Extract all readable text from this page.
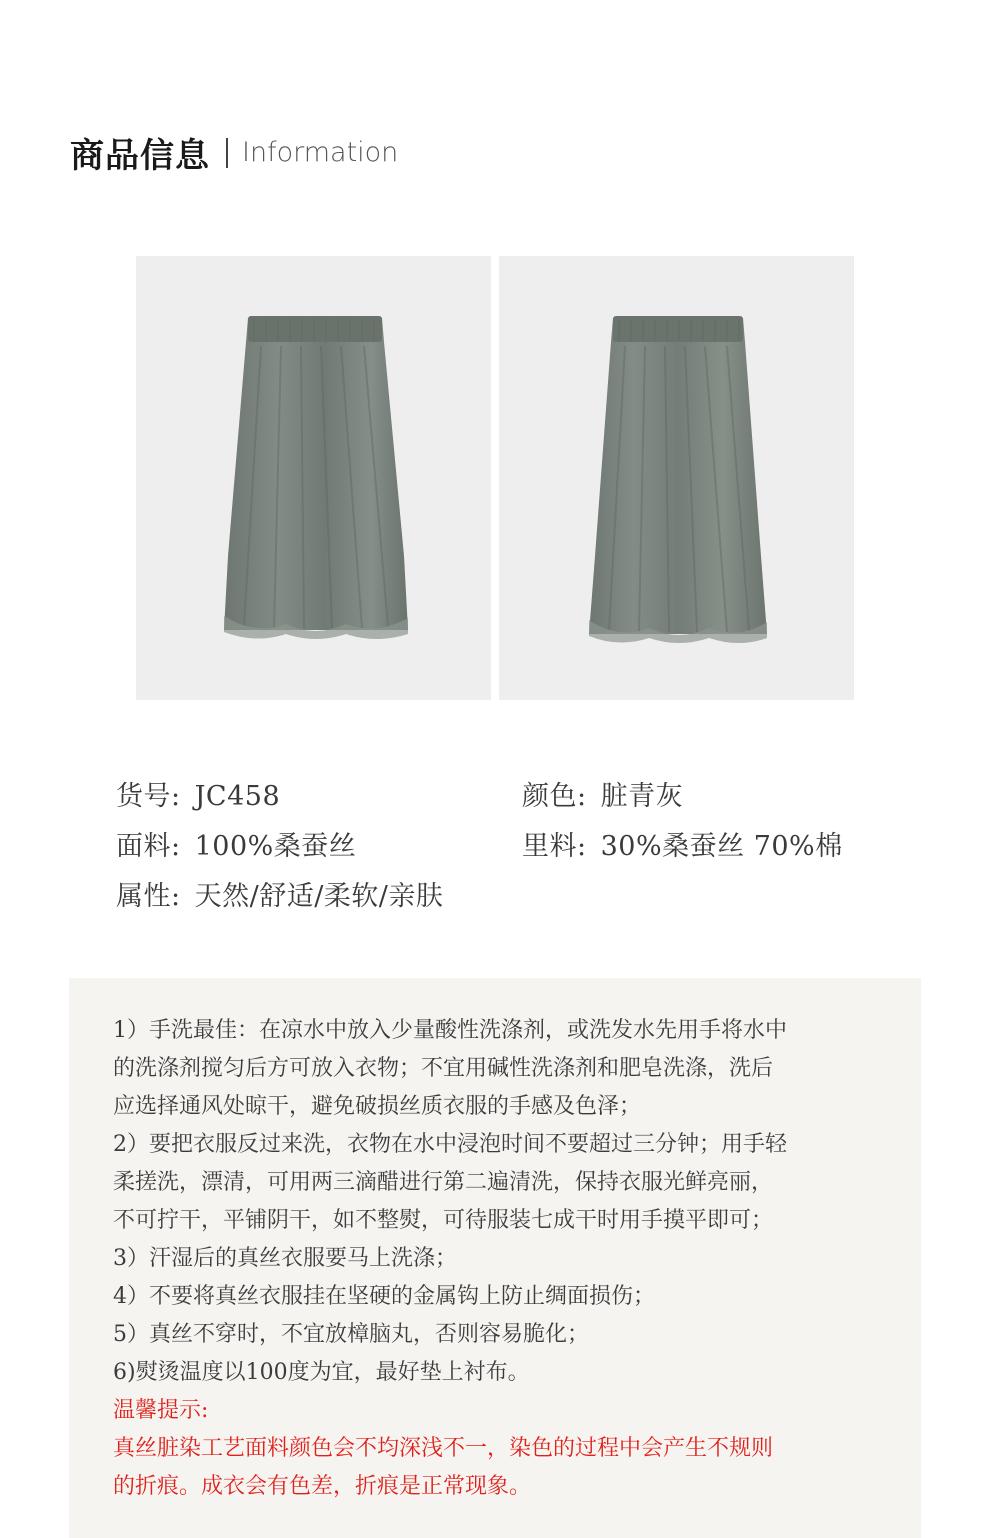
商品信息 Information
货号: JC458	颜色: 脏青灰
面料: 100%桑蚕丝	里料: 30%桑蚕丝 70%棉
属性: 天然/舒适/柔软/亲肤
1）手洗最佳：在凉水中放入少量酸性洗涤剂，或洗发水先用手将水中
的洗涤剂搅匀后方可放入衣物；不宜用碱性洗涤剂和肥皂洗涤，洗后
应选择通风处晾干，避免破损丝质衣服的手感及色泽；
2）要把衣服反过来洗，衣物在水中浸泡时间不要超过三分钟；用手轻
柔搓洗，漂清，可用两三滴醋进行第二遍清洗，保持衣服光鲜亮丽，
不可拧干，平铺阴干，如不整熨，可待服装七成干时用手摸平即可；
3）汗湿后的真丝衣服要马上洗涤；
4）不要将真丝衣服挂在坚硬的金属钩上防止绸面损伤；
5）真丝不穿时，不宜放樟脑丸，否则容易脆化；
6)熨烫温度以100度为宜，最好垫上衬布。
温馨提示:
真丝脏染工艺面料颜色会不均深浅不一，染色的过程中会产生不规则
的折痕。成衣会有色差，折痕是正常现象。
